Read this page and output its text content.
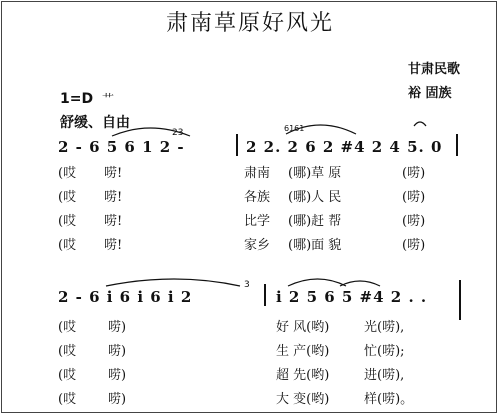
肃南草原好风光
甘肃民歌
裕 固族
1=D 艹
舒缓、自由
2 - 6 5 6 1 2 -
23
2 2. 2 6 2 #4 2 4 5. 0
6161
(哎 唠!	肃南 (哪)草 原	(唠)
(哎 唠!	各族 (哪)人 民	(唠)
(哎 唠!	比学 (哪)赶 帮	(唠)
(哎 唠!	家乡 (哪)面 貌	(唠)
2 - 6 i 6 i 6 i 2
3
i 2 5 6 5 #4 2 . .
(哎 唠)	好 风(哟)	光(唠),
(哎 唠)	生 产(哟)	忙(唠);
(哎 唠)	超 先(哟)	进(唠),
(哎 唠)	大 变(哟)	样(唠)。
